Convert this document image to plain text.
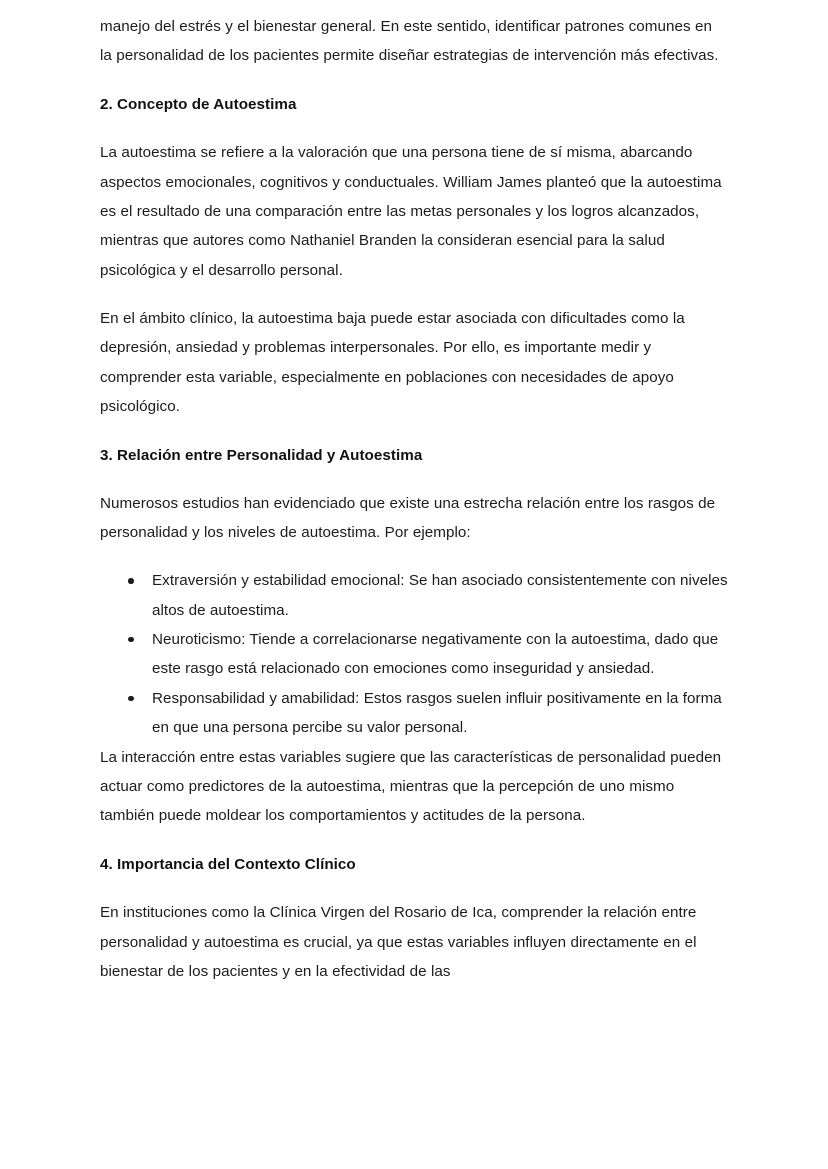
manejo del estrés y el bienestar general. En este sentido, identificar patrones comunes en la personalidad de los pacientes permite diseñar estrategias de intervención más efectivas.

2. Concepto de Autoestima

La autoestima se refiere a la valoración que una persona tiene de sí misma, abarcando aspectos emocionales, cognitivos y conductuales. William James planteó que la autoestima es el resultado de una comparación entre las metas personales y los logros alcanzados, mientras que autores como Nathaniel Branden la consideran esencial para la salud psicológica y el desarrollo personal.

En el ámbito clínico, la autoestima baja puede estar asociada con dificultades como la depresión, ansiedad y problemas interpersonales. Por ello, es importante medir y comprender esta variable, especialmente en poblaciones con necesidades de apoyo psicológico.

3. Relación entre Personalidad y Autoestima

Numerosos estudios han evidenciado que existe una estrecha relación entre los rasgos de personalidad y los niveles de autoestima. Por ejemplo:

Extraversión y estabilidad emocional: Se han asociado consistentemente con niveles altos de autoestima.
Neuroticismo: Tiende a correlacionarse negativamente con la autoestima, dado que este rasgo está relacionado con emociones como inseguridad y ansiedad.
Responsabilidad y amabilidad: Estos rasgos suelen influir positivamente en la forma en que una persona percibe su valor personal.

La interacción entre estas variables sugiere que las características de personalidad pueden actuar como predictores de la autoestima, mientras que la percepción de uno mismo también puede moldear los comportamientos y actitudes de la persona.

4. Importancia del Contexto Clínico

En instituciones como la Clínica Virgen del Rosario de Ica, comprender la relación entre personalidad y autoestima es crucial, ya que estas variables influyen directamente en el bienestar de los pacientes y en la efectividad de las
